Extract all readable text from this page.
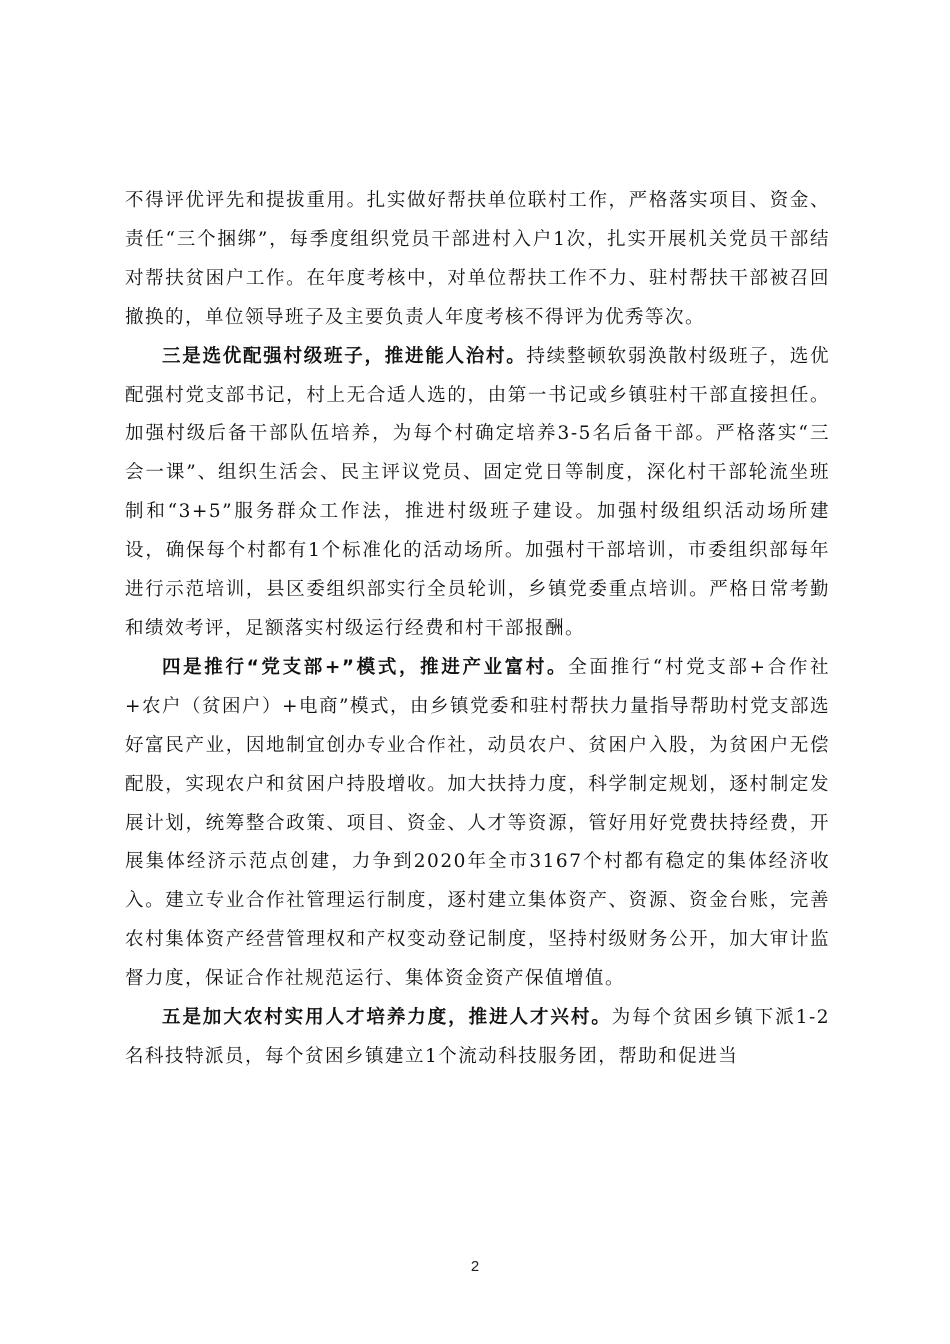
不得评优评先和提拔重用。扎实做好帮扶单位联村工作，严格落实项目、资金、责任“三个捆绑”，每季度组织党员干部进村入户1次，扎实开展机关党员干部结对帮扶贫困户工作。在年度考核中，对单位帮扶工作不力、驻村帮扶干部被召回撤换的，单位领导班子及主要负责人年度考核不得评为优秀等次。

三是选优配强村级班子，推进能人治村。持续整顿软弱涣散村级班子，选优配强村党支部书记，村上无合适人选的，由第一书记或乡镇驻村干部直接担任。加强村级后备干部队伍培养，为每个村确定培养3-5名后备干部。严格落实“三会一课”、组织生活会、民主评议党员、固定党日等制度，深化村干部轮流坐班制和“3+5”服务群众工作法，推进村级班子建设。加强村级组织活动场所建设，确保每个村都有1个标准化的活动场所。加强村干部培训，市委组织部每年进行示范培训，县区委组织部实行全员轮训，乡镇党委重点培训。严格日常考勤和绩效考评，足额落实村级运行经费和村干部报酬。

四是推行“党支部+”模式，推进产业富村。全面推行“村党支部+合作社+农户（贫困户）+电商”模式，由乡镇党委和驻村帮扶力量指导帮助村党支部选好富民产业，因地制宜创办专业合作社，动员农户、贫困户入股，为贫困户无偿配股，实现农户和贫困户持股增收。加大扶持力度，科学制定规划，逐村制定发展计划，统筹整合政策、项目、资金、人才等资源，管好用好党费扶持经费，开展集体经济示范点创建，力争到2020年全市3167个村都有稳定的集体经济收入。建立专业合作社管理运行制度，逐村建立集体资产、资源、资金台账，完善农村集体资产经营管理权和产权变动登记制度，坚持村级财务公开，加大审计监督力度，保证合作社规范运行、集体资金资产保值增值。

五是加大农村实用人才培养力度，推进人才兴村。为每个贫困乡镇下派1-2名科技特派员，每个贫困乡镇建立1个流动科技服务团，帮助和促进当

2
